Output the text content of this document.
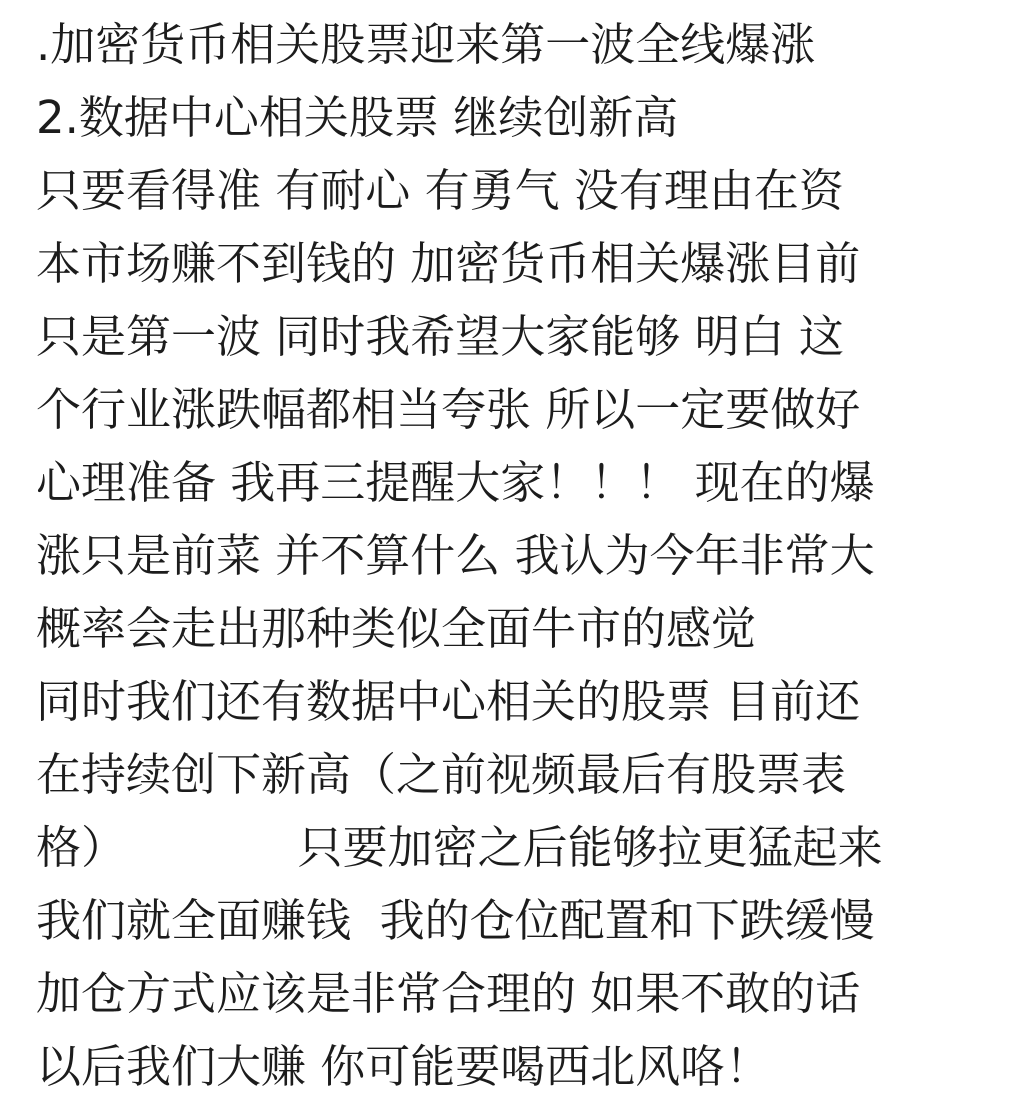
.加密货币相关股票迎来第一波全线爆涨
2.数据中心相关股票 继续创新高
只要看得准 有耐心 有勇气 没有理由在资
本市场赚不到钱的 加密货币相关爆涨目前
只是第一波 同时我希望大家能够 明白 这
个行业涨跌幅都相当夸张 所以一定要做好
心理准备 我再三提醒大家！！！ 现在的爆
涨只是前菜 并不算什么 我认为今年非常大
概率会走出那种类似全面牛市的感觉
同时我们还有数据中心相关的股票 目前还
在持续创下新高（之前视频最后有股票表
格）            只要加密之后能够拉更猛起来
我们就全面赚钱  我的仓位配置和下跌缓慢
加仓方式应该是非常合理的 如果不敢的话
以后我们大赚 你可能要喝西北风咯！
